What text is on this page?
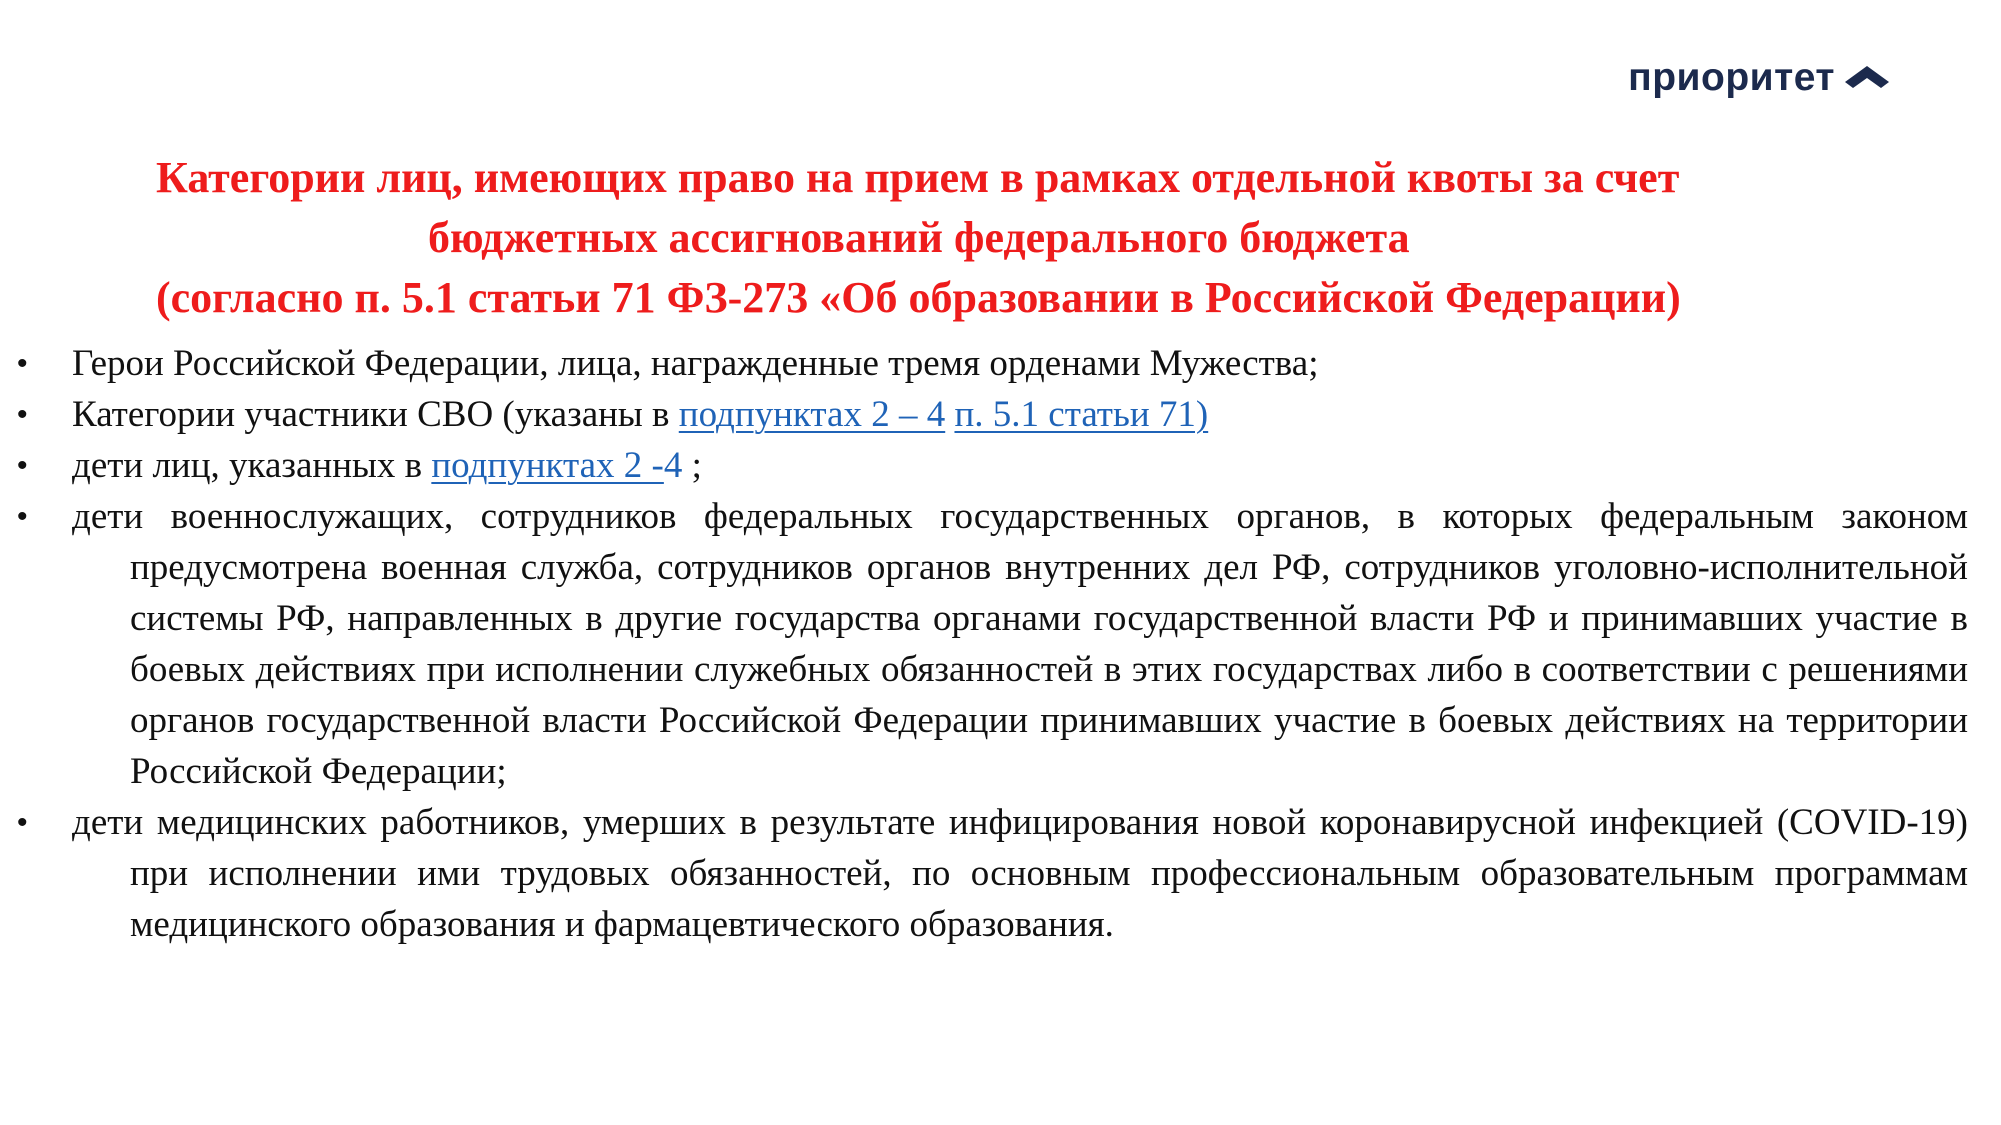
приоритет
Категории лиц, имеющих право на прием в рамках отдельной квоты за счет
бюджетных ассигнований федерального бюджета
(согласно п. 5.1 статьи 71 ФЗ-273 «Об образовании в Российской Федерации)
• Герои Российской Федерации, лица, награжденные тремя орденами Мужества;
• Категории участники СВО (указаны в подпунктах 2 – 4 п. 5.1 статьи 71)
• дети лиц, указанных в подпунктах 2 -4 ;
• дети военнослужащих, сотрудников федеральных государственных органов, в которых федеральным законом предусмотрена военная служба, сотрудников органов внутренних дел РФ, сотрудников уголовно-исполнительной системы РФ, направленных в другие государства органами государственной власти РФ и принимавших участие в боевых действиях при исполнении служебных обязанностей в этих государствах либо в соответствии с решениями органов государственной власти Российской Федерации принимавших участие в боевых действиях на территории Российской Федерации;
• дети медицинских работников, умерших в результате инфицирования новой коронавирусной инфекцией (COVID-19) при исполнении ими трудовых обязанностей, по основным профессиональным образовательным программам медицинского образования и фармацевтического образования.
